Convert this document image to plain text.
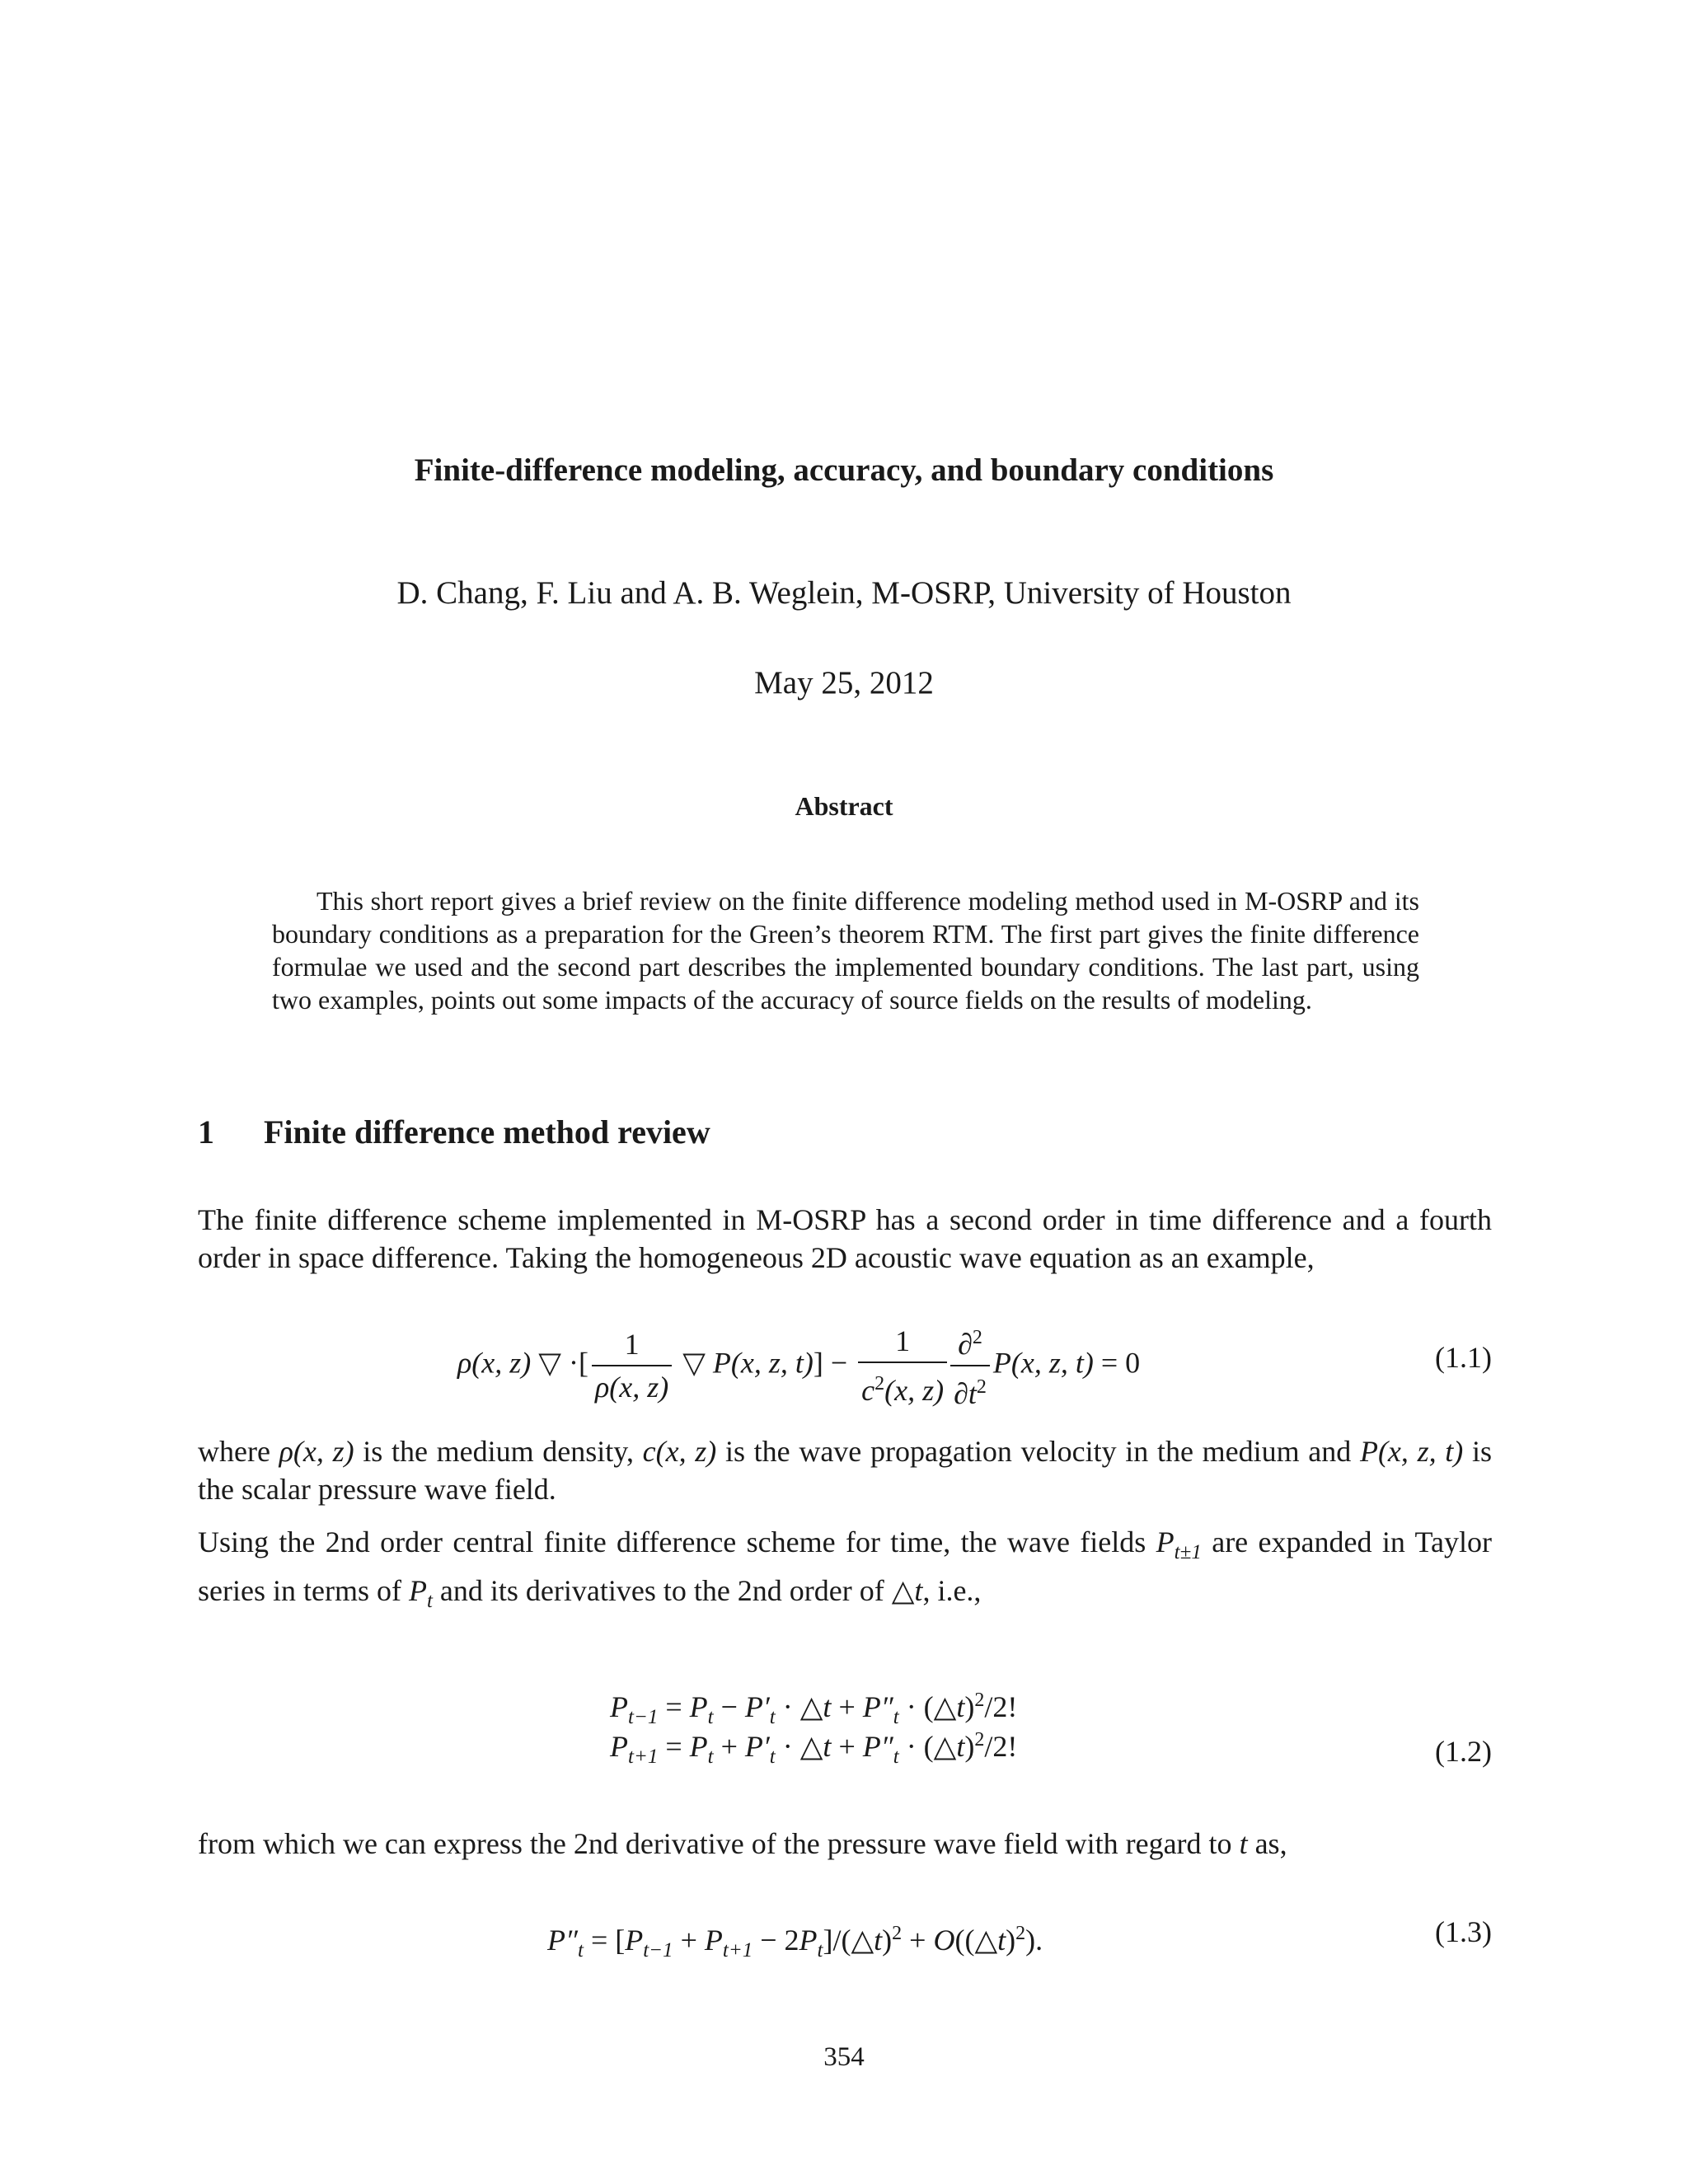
Finite-difference modeling, accuracy, and boundary conditions
D. Chang, F. Liu and A. B. Weglein, M-OSRP, University of Houston
May 25, 2012
Abstract

This short report gives a brief review on the finite difference modeling method used in M-OSRP and its boundary conditions as a preparation for the Green’s theorem RTM. The first part gives the finite difference formulae we used and the second part describes the implemented boundary conditions. The last part, using two examples, points out some impacts of the accuracy of source fields on the results of modeling.

1 Finite difference method review

The finite difference scheme implemented in M-OSRP has a second order in time difference and a fourth order in space difference. Taking the homogeneous 2D acoustic wave equation as an example,

ρ(x, z) ▽ ·[ $\frac{1}{\rho(x, z)}$ ▽ P(x, z, $t)] - \frac{1}{c^2(x, z)} \frac{\partial^2}{\partial t^2} P(x$, z, t) = 0	(1.1)

where ρ(x, z) is the medium density, c(x, z) is the wave propagation velocity in the medium and P(x, z, t) is the scalar pressure wave field.

Using the 2nd order central finite difference scheme for time, the wave fields $P_{t\pm 1}$ are expanded in Taylor series in terms of $P_t$ and its derivatives to the 2nd order of △t, i.e.,

$P_{t-1} = P_t - P'_t$ · △t + $P''_t$ · (△t)$^2$/2!
$P_{t+1} = P_t + P'_t$ · △t + $P''_t$ · (△t)$^2$/2!	(1.2)

from which we can express the 2nd derivative of the pressure wave field with regard to t as,

$P''_t = [P_{t-1} + P_{t+1}$ − $2P_t]/(\triangle t)^2$ + O((△t)$^2$).	(1.3)
354
